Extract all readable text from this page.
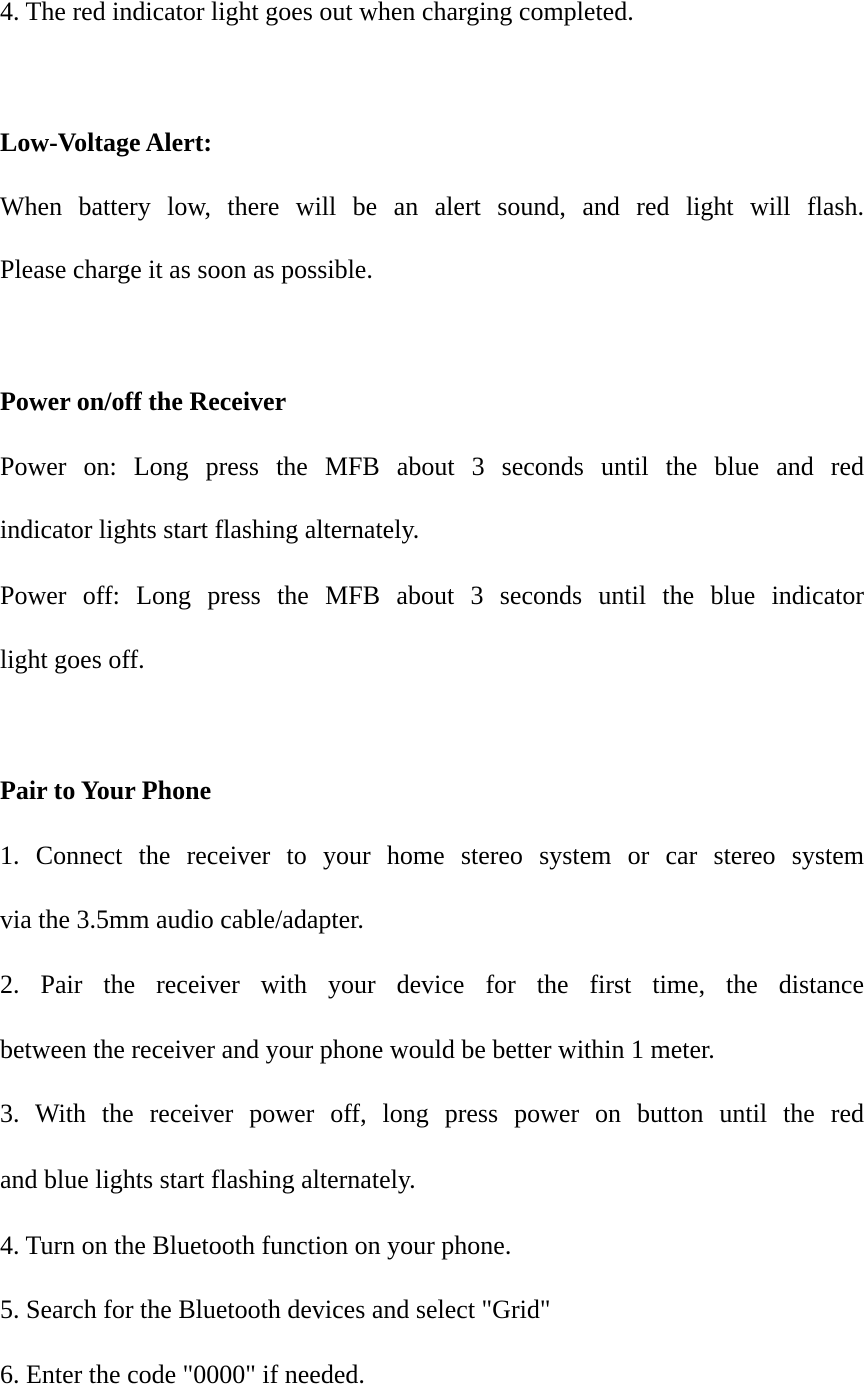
4. The red indicator light goes out when charging completed.
Low-Voltage Alert:
When battery low, there will be an alert sound, and red light will flash.
Please charge it as soon as possible.
Power on/off the Receiver
Power on: Long press the MFB about 3 seconds until the blue and red
indicator lights start flashing alternately.
Power off: Long press the MFB about 3 seconds until the blue indicator
light goes off.
Pair to Your Phone
1. Connect the receiver to your home stereo system or car stereo system
via the 3.5mm audio cable/adapter.
2. Pair the receiver with your device for the first time, the distance
between the receiver and your phone would be better within 1 meter.
3. With the receiver power off, long press power on button until the red
and blue lights start flashing alternately.
4. Turn on the Bluetooth function on your phone.
5. Search for the Bluetooth devices and select "Grid"
6. Enter the code "0000" if needed.
